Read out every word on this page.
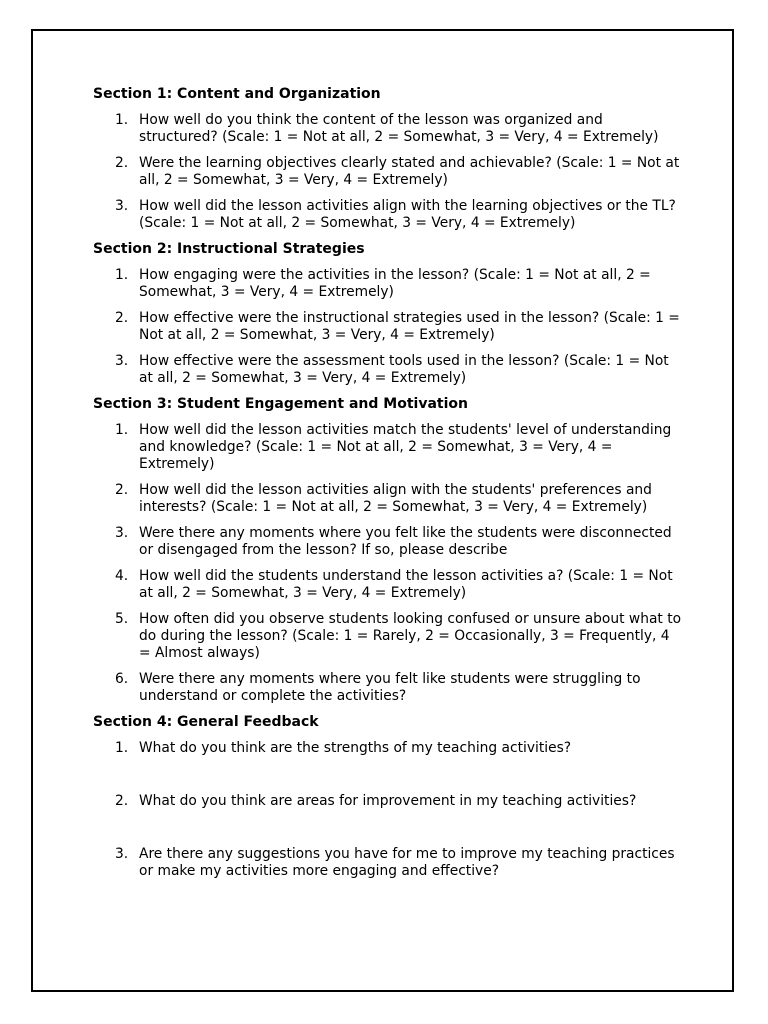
Section 1: Content and Organization
1. How well do you think the content of the lesson was organized and structured? (Scale: 1 = Not at all, 2 = Somewhat, 3 = Very, 4 = Extremely)
2. Were the learning objectives clearly stated and achievable? (Scale: 1 = Not at all, 2 = Somewhat, 3 = Very, 4 = Extremely)
3. How well did the lesson activities align with the learning objectives or the TL? (Scale: 1 = Not at all, 2 = Somewhat, 3 = Very, 4 = Extremely)
Section 2: Instructional Strategies
1. How engaging were the activities in the lesson? (Scale: 1 = Not at all, 2 = Somewhat, 3 = Very, 4 = Extremely)
2. How effective were the instructional strategies used in the lesson? (Scale: 1 = Not at all, 2 = Somewhat, 3 = Very, 4 = Extremely)
3. How effective were the assessment tools used in the lesson? (Scale: 1 = Not at all, 2 = Somewhat, 3 = Very, 4 = Extremely)
Section 3: Student Engagement and Motivation
1. How well did the lesson activities match the students' level of understanding and knowledge? (Scale: 1 = Not at all, 2 = Somewhat, 3 = Very, 4 = Extremely)
2. How well did the lesson activities align with the students' preferences and interests? (Scale: 1 = Not at all, 2 = Somewhat, 3 = Very, 4 = Extremely)
3. Were there any moments where you felt like the students were disconnected or disengaged from the lesson? If so, please describe
4. How well did the students understand the lesson activities a? (Scale: 1 = Not at all, 2 = Somewhat, 3 = Very, 4 = Extremely)
5. How often did you observe students looking confused or unsure about what to do during the lesson? (Scale: 1 = Rarely, 2 = Occasionally, 3 = Frequently, 4 = Almost always)
6. Were there any moments where you felt like students were struggling to understand or complete the activities?
Section 4: General Feedback
1. What do you think are the strengths of my teaching activities?
2. What do you think are areas for improvement in my teaching activities?
3. Are there any suggestions you have for me to improve my teaching practices or make my activities more engaging and effective?
